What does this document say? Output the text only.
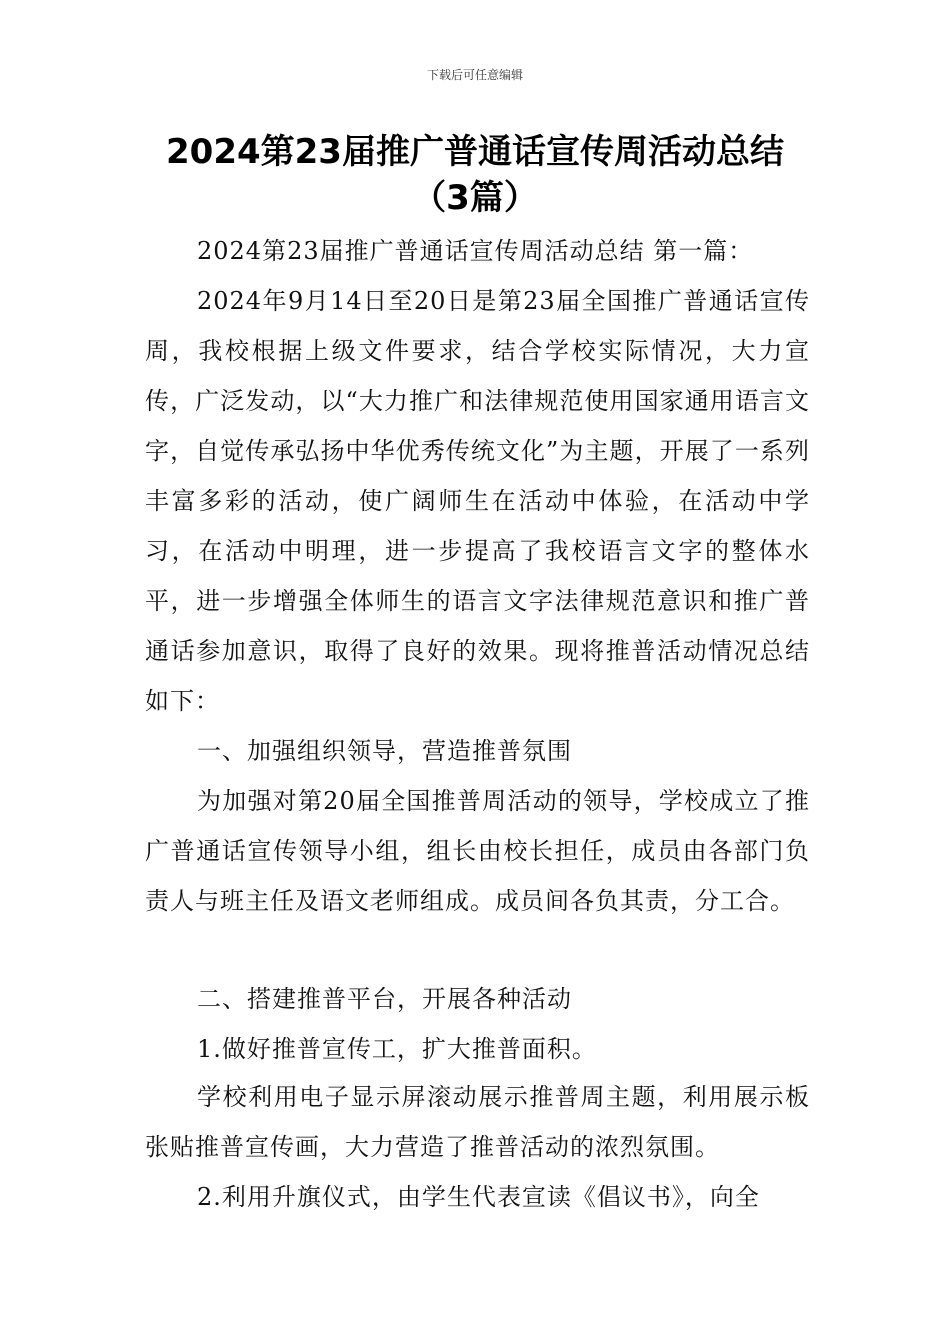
下载后可任意编辑
2024第23届推广普通话宣传周活动总结
（3篇）

2024第23届推广普通话宣传周活动总结 第一篇：

2024年9月14日至20日是第23届全国推广普通话宣传周，我校根据上级文件要求，结合学校实际情况，大力宣传，广泛发动，以“大力推广和法律规范使用国家通用语言文字，自觉传承弘扬中华优秀传统文化”为主题，开展了一系列丰富多彩的活动，使广阔师生在活动中体验，在活动中学习，在活动中明理，进一步提高了我校语言文字的整体水平，进一步增强全体师生的语言文字法律规范意识和推广普通话参加意识，取得了良好的效果。现将推普活动情况总结如下：

一、加强组织领导，营造推普氛围

为加强对第20届全国推普周活动的领导，学校成立了推广普通话宣传领导小组，组长由校长担任，成员由各部门负责人与班主任及语文老师组成。成员间各负其责，分工合。

二、搭建推普平台，开展各种活动

1.做好推普宣传工，扩大推普面积。

学校利用电子显示屏滚动展示推普周主题，利用展示板张贴推普宣传画，大力营造了推普活动的浓烈氛围。

2.利用升旗仪式，由学生代表宣读《倡议书》，向全
